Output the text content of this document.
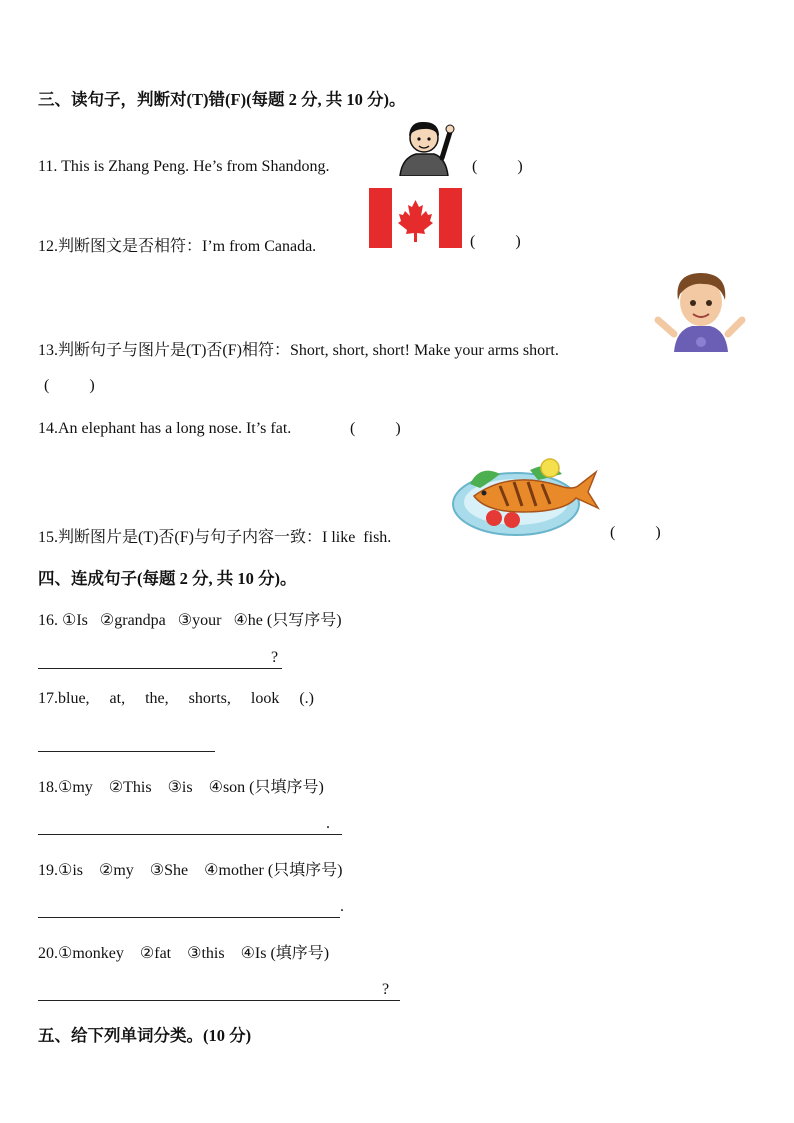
三、读句子，判断对(T)错(F)(每题 2 分, 共 10 分)。
11. This is Zhang Peng. He’s from Shandong.	(          )
12.判断图文是否相符：I’m from Canada.	(          )
13.判断句子与图片是(T)否(F)相符：Short, short, short! Make your arms short.
(          )
14.An elephant has a long nose. It’s fat.	(          )
15.判断图片是(T)否(F)与句子内容一致：I like  fish.	(          )
四、连成句子(每题 2 分, 共 10 分)。
16. ①Is   ②grandpa   ③your   ④he (只写序号)
?
17.blue,     at,     the,     shorts,     look     (.)
18.①my    ②This    ③is    ④son (只填序号)
.
19.①is    ②my    ③She    ④mother (只填序号)
.
20.①monkey    ②fat    ③this    ④Is (填序号)
?
五、给下列单词分类。(10 分)
